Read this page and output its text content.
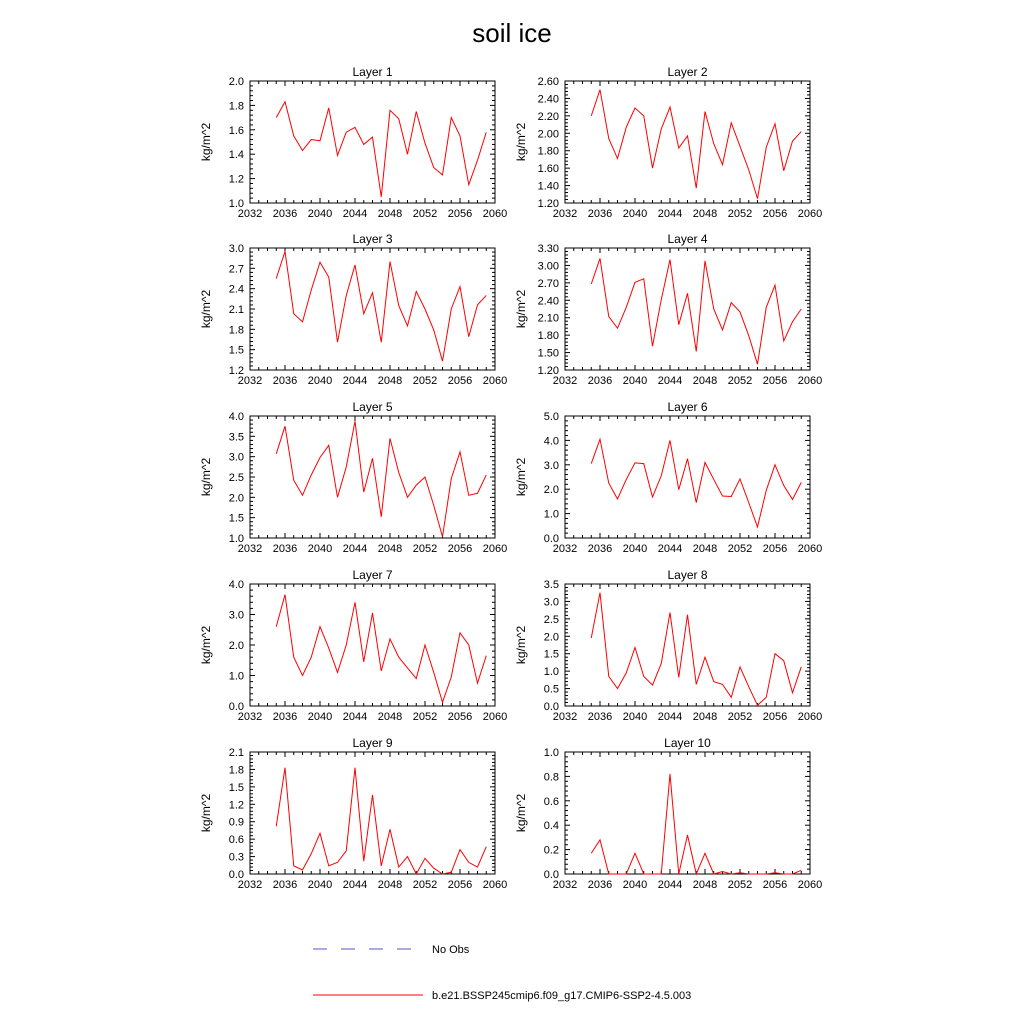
soil ice
Layer 1
kg/m^2
2032 2036 2040 2044 2048 2052 2056 2060
1.0
1.2
1.4
1.6
1.8
2.0
Layer 2
kg/m^2
2032 2036 2040 2044 2048 2052 2056 2060
1.20
1.40
1.60
1.80
2.00
2.20
2.40
2.60
Layer 3
kg/m^2
2032 2036 2040 2044 2048 2052 2056 2060
1.2
1.5
1.8
2.1
2.4
2.7
3.0
Layer 4
kg/m^2
2032 2036 2040 2044 2048 2052 2056 2060
1.20
1.50
1.80
2.10
2.40
2.70
3.00
3.30
Layer 5
kg/m^2
2032 2036 2040 2044 2048 2052 2056 2060
1.0
1.5
2.0
2.5
3.0
3.5
4.0
Layer 6
kg/m^2
2032 2036 2040 2044 2048 2052 2056 2060
0.0
1.0
2.0
3.0
4.0
5.0
Layer 7
kg/m^2
2032 2036 2040 2044 2048 2052 2056 2060
0.0
1.0
2.0
3.0
4.0
Layer 8
kg/m^2
2032 2036 2040 2044 2048 2052 2056 2060
0.0
0.5
1.0
1.5
2.0
2.5
3.0
3.5
Layer 9
kg/m^2
2032 2036 2040 2044 2048 2052 2056 2060
0.0
0.3
0.6
0.9
1.2
1.5
1.8
2.1
Layer 10
kg/m^2
2032 2036 2040 2044 2048 2052 2056 2060
0.0
0.2
0.4
0.6
0.8
1.0
No Obs
b.e21.BSSP245cmip6.f09_g17.CMIP6-SSP2-4.5.003
